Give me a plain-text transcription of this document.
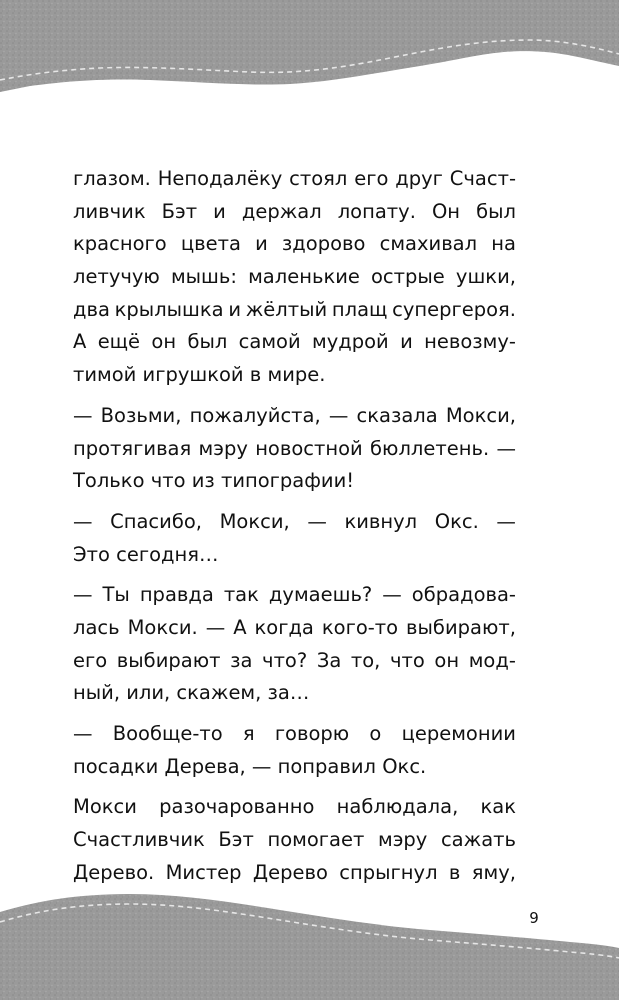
глазом. Неподалёку стоял его друг Счаст-
ливчик Бэт и держал лопату. Он был
красного цвета и здорово смахивал на
летучую мышь: маленькие острые ушки,
два крылышка и жёлтый плащ супергероя.
А ещё он был самой мудрой и невозму-
тимой игрушкой в мире.
— Возьми, пожалуйста, — сказала Мокси,
протягивая мэру новостной бюллетень. —
Только что из типографии!
— Спасибо, Мокси, — кивнул Окс. —
Это сегодня…
— Ты правда так думаешь? — обрадова-
лась Мокси. — А когда кого-то выбирают,
его выбирают за что? За то, что он мод-
ный, или, скажем, за…
— Вообще-то я говорю о церемонии
посадки Дерева, — поправил Окс.
Мокси разочарованно наблюдала, как
Счастливчик Бэт помогает мэру сажать
Дерево. Мистер Дерево спрыгнул в яму,
9
